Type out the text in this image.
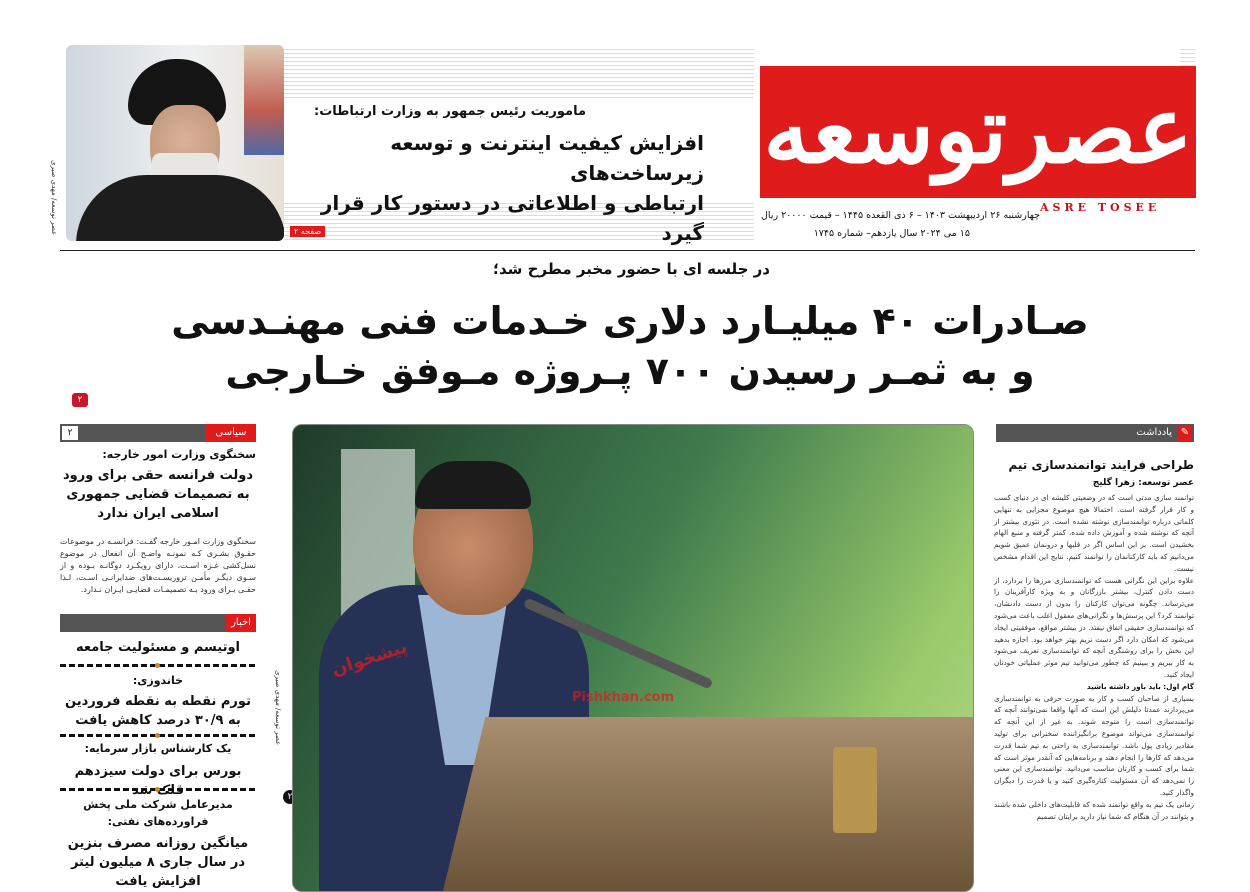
عصرتوسعه
ASRE TOSEE
چهارشنبه ۲۶ اردیبهشت ۱۴۰۳ – ۶ ذی القعده ۱۴۴۵ – قیمت ۲۰۰۰۰ ریال
۱۵ می ۲۰۲۴ سال یازدهم– شماره ۱۷۴۵
عصر توسعه/ مهدی صیری
ماموریت رئیس جمهور به وزارت ارتباطات:
افزایش کیفیت اینترنت و توسعه زیرساخت‌های
ارتباطی و اطلاعاتی در دستور کار قرار گیرد
صفحه ۲
در جلسه ای با حضور مخبر مطرح شد؛
صـادرات ۴۰ میلیـارد دلاری خـدمات فنی مهنـدسی
و به ثمـر رسیدن ۷۰۰ پـروژه مـوفق خـارجی
۲
سیاسی
۲
سخنگوی وزارت امور خارجه:
دولت فرانسه حقی برای ورود به تصمیمات قضایی جمهوری اسلامی ایران ندارد
سخنگوی وزارت امـور خارجه گفـت: فرانسـه در موضوعات حقـوق بشـری کـه نمونـه واضـح آن انفعال در موضوع نسل‌کشی غـزه اسـت، دارای رویکـرد دوگانـه بـوده و از سـوی دیگـر مأمـن تروریسـت‌های ضدایرانـی اسـت، لـذا حقـی بـرای ورود بـه تصمیمـات قضایـی ایـران نـدارد.
اخبار
اوتیسم و مسئولیت جامعه
خاندوزی:
تورم نقطه به نقطه فروردین به ۳۰/۹ درصد کاهش یافت
یک کارشناس بازار سرمایه:
بورس برای دولت سیزدهم
مدیرعامل شرکت ملی پخش فراورده‌های نفتی:
میانگین روزانه مصرف بنزین در سال جاری ۸ میلیون لیتر افزایش یافت
عصر توسعه/ مهدی صیری
۲
پیشخوان
Pishkhan.com
✎
یادداشت
طراحی فرایند توانمندسازی تیم
عصر توسعه: زهرا گلیج
توانمند سازی مدتی است که در وضعیتی کلیشه ای در دنیای کسب و کار قرار گرفته است. احتمالا هیچ موضوع مجزایی به تنهایی کلماتی درباره توانمندسازی نوشته نشده است. در تئوری بیشتر از آنچه که نوشته شده و آموزش داده شده، کمتر گرفته و منبع الهام بخشیدن است. بر این اساس اگر در قلبها و درونمان عمیق شویم می‌دانیم که باید کارکنانمان را توانمند کنیم. نتایج این اقدام مشخص نیست.
علاوه براین این نگرانی هست که توانمندسازی مرزها را بردارد، از دست دادن کنترل، بیشتر بازرگانان و به ویژه کارآفرینان را می‌ترساند. چگونه می‌توان کارکنان را بدون از دست دادنشان، توانمند کرد؟ این پرسش‌ها و نگرانی‌های معقول اغلب باعث می‌شود که توانمندسازی حقیقی اتفاق نیفتد. در بیشتر مواقع، موفقیتی ایجاد می‌شود که امکان دارد اگر دست نزیم بهتر خواهد بود. اجازه بدهید این بخش را برای روشنگری آنچه که توانمندسازی تعریف می‌شود به کار ببریم و ببینیم که چطور می‌توانید تیم موثر عملیاتی خودتان ایجاد کنید.
گام اول: باید باور داشته باشید
بسیاری از صاحبان کسب و کار به صورت حرفی به توانمندسازی می‌پردازند عمدتا دلیلش این است که آنها واقعا نمی‌توانند آنچه که توانمندسازی است را متوجه شوند. به غیر از این آنچه که توانمندسازی می‌تواند موضوع برانگیزاننده سخنرانی برای تولید مقادیر زیادی پول باشد. توانمندسازی به راحتی به تیم شما قدرت می‌دهد که کارها را انجام دهند و برنامه‌هایی که آنقدر موثر است که شما برای کسب و کارتان مناسب می‌دانید. توانمندسازی این معنی را نمی‌دهد که آن مسئولیت کناره‌گیری کنید و یا قدرت را دیگران واگذار کنید.
زمانی یک تیم به واقع توانمند شده که قابلیت‌های داخلی شده باشند و بتوانند در آن هنگام که شما نیاز دارید برایتان تصمیم
